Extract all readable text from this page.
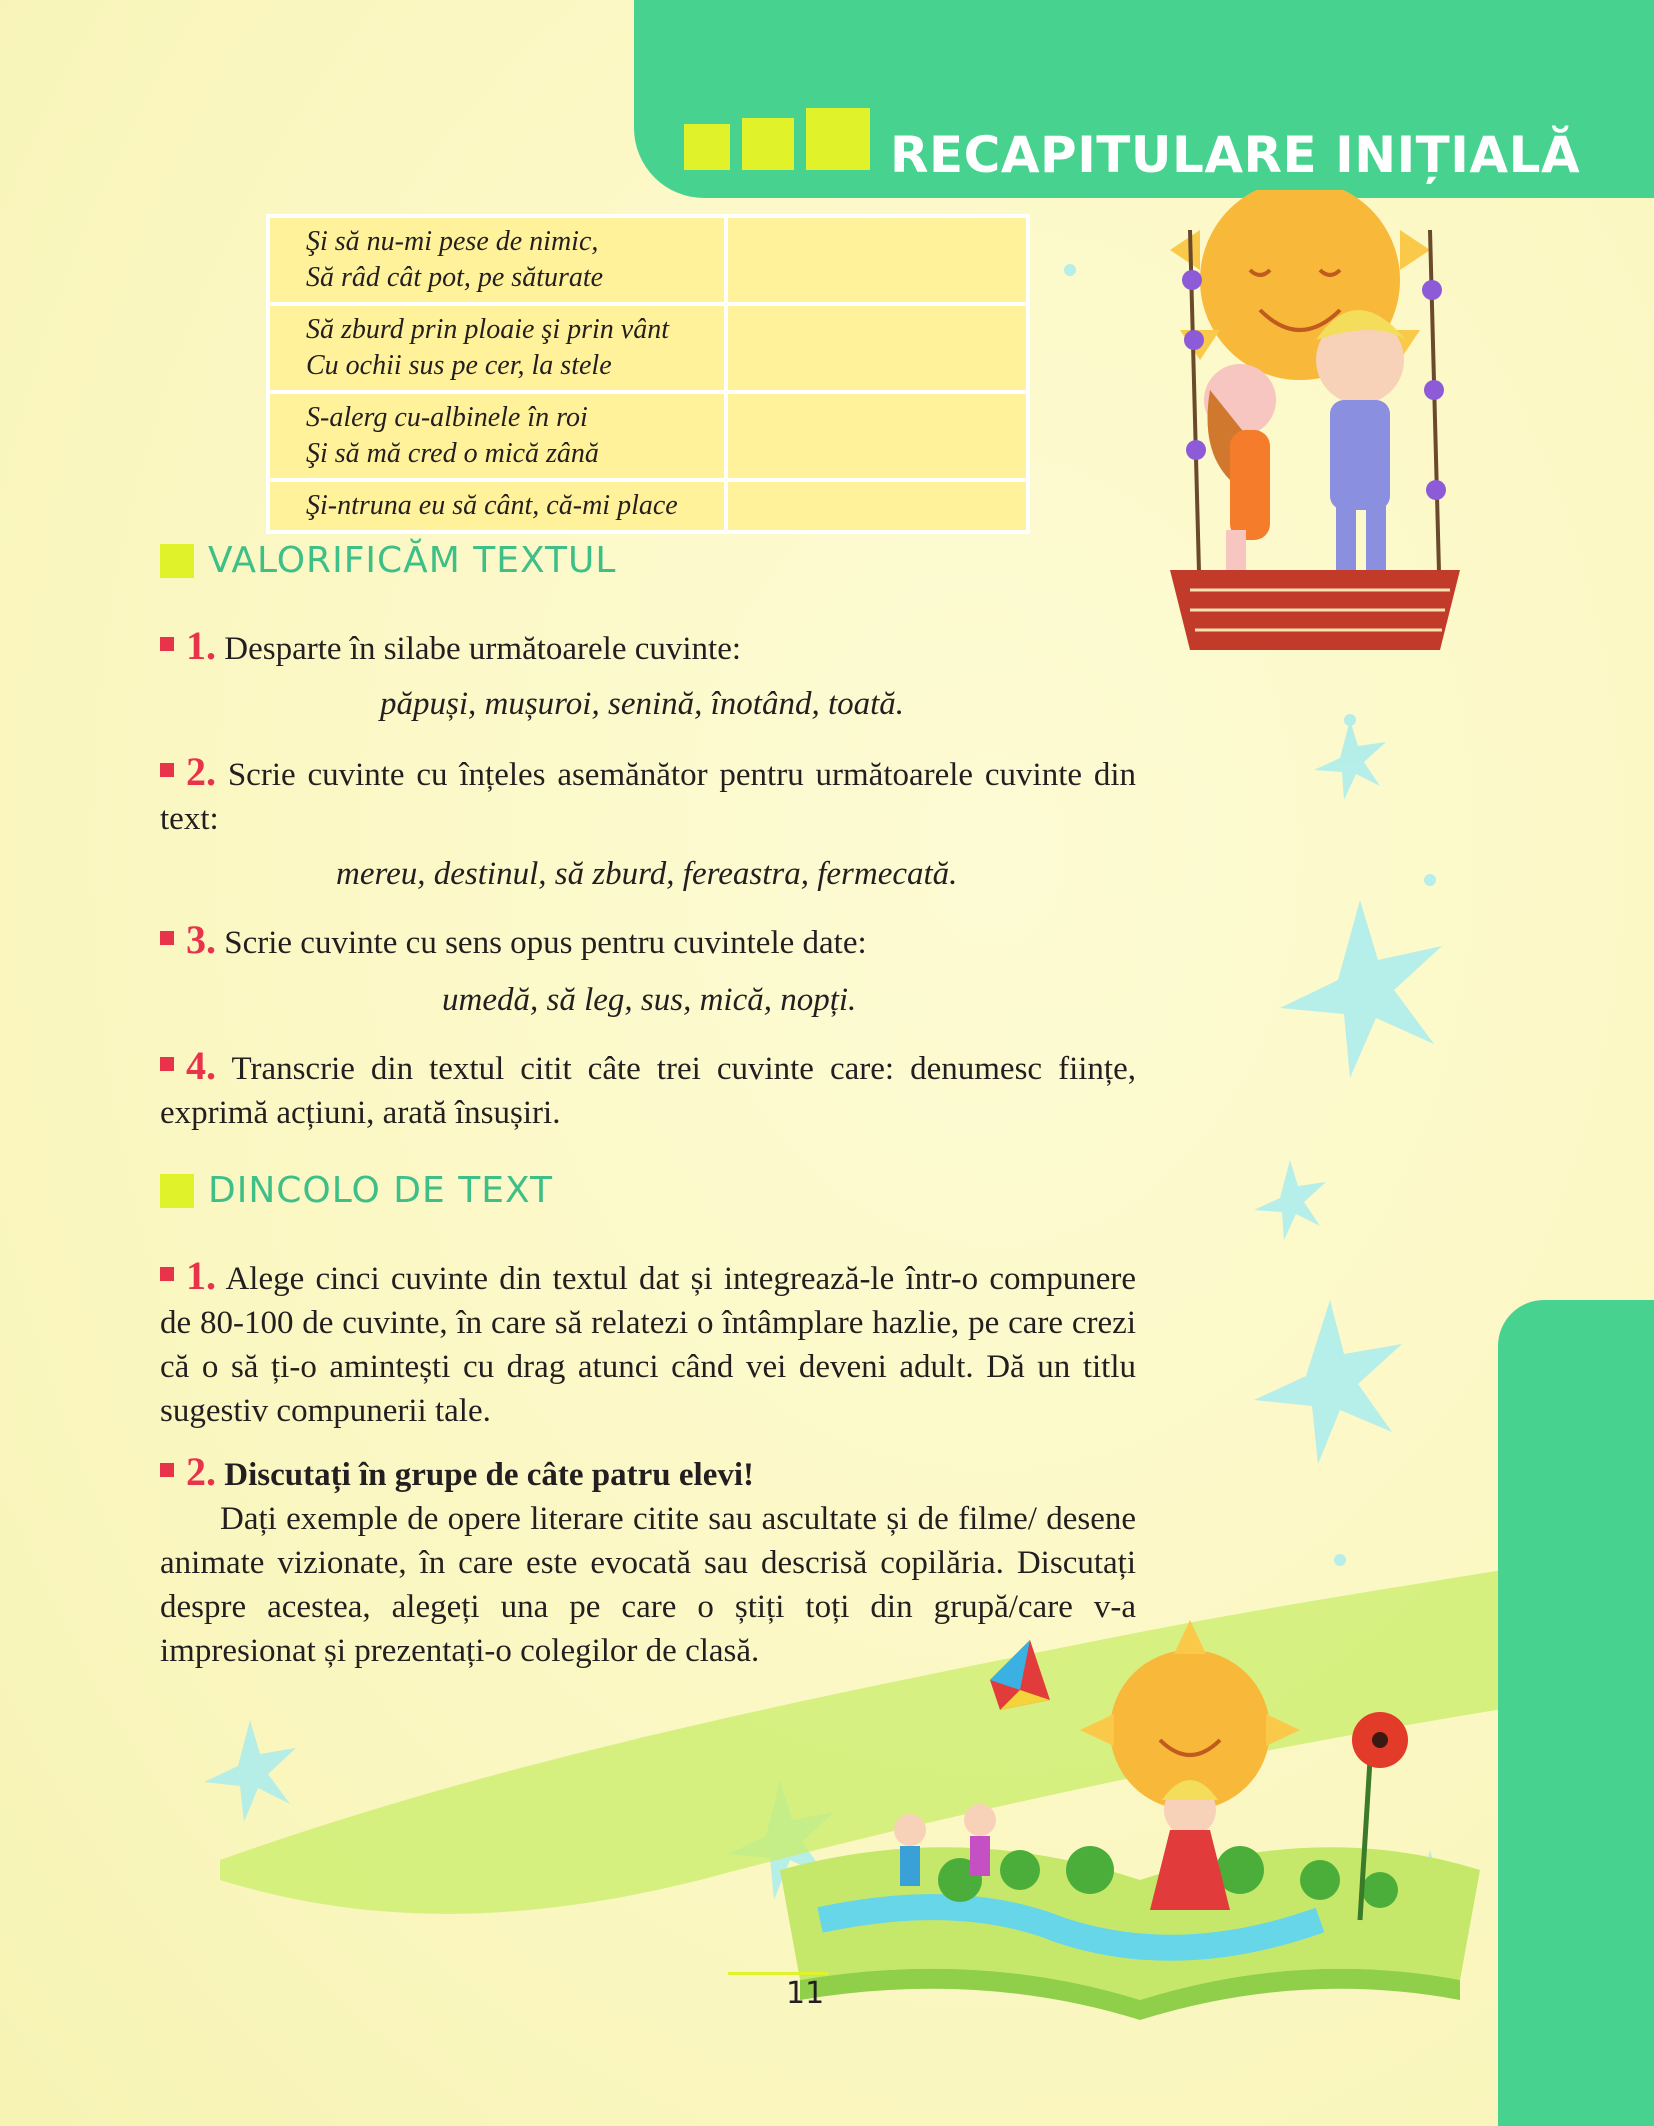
RECAPITULARE INIȚIALĂ
Şi să nu-mi pese de nimic,
Să râd cât pot, pe săturate	

Să zburd prin ploaie şi prin vânt
Cu ochii sus pe cer, la stele	

S-alerg cu-albinele în roi
Şi să mă cred o mică zână	

Şi-ntruna eu să cânt, că-mi place	

VALORIFICĂM TEXTUL
1. Desparte în silabe următoarele cuvinte:
păpuși, mușuroi, senină, înotând, toată.
2. Scrie cuvinte cu înțeles asemănător pentru următoarele cuvinte din text:
mereu, destinul, să zburd, fereastra, fermecată.
3. Scrie cuvinte cu sens opus pentru cuvintele date:
umedă, să leg, sus, mică, nopți.
4. Transcrie din textul citit câte trei cuvinte care: denumesc ființe, exprimă acțiuni, arată însușiri.
DINCOLO DE TEXT
1. Alege cinci cuvinte din textul dat și integrează-le într-o compunere de 80-100 de cuvinte, în care să relatezi o întâmplare hazlie, pe care crezi că o să ți-o amintești cu drag atunci când vei deveni adult. Dă un titlu sugestiv compunerii tale.
2. Discutați în grupe de câte patru elevi!
Dați exemple de opere literare citite sau ascultate și de filme/ desene animate vizionate, în care este evocată sau descrisă copilăria. Discutați despre acestea, alegeți una pe care o știți toți din grupă/care v-a impresionat și prezentați-o colegilor de clasă.
11
